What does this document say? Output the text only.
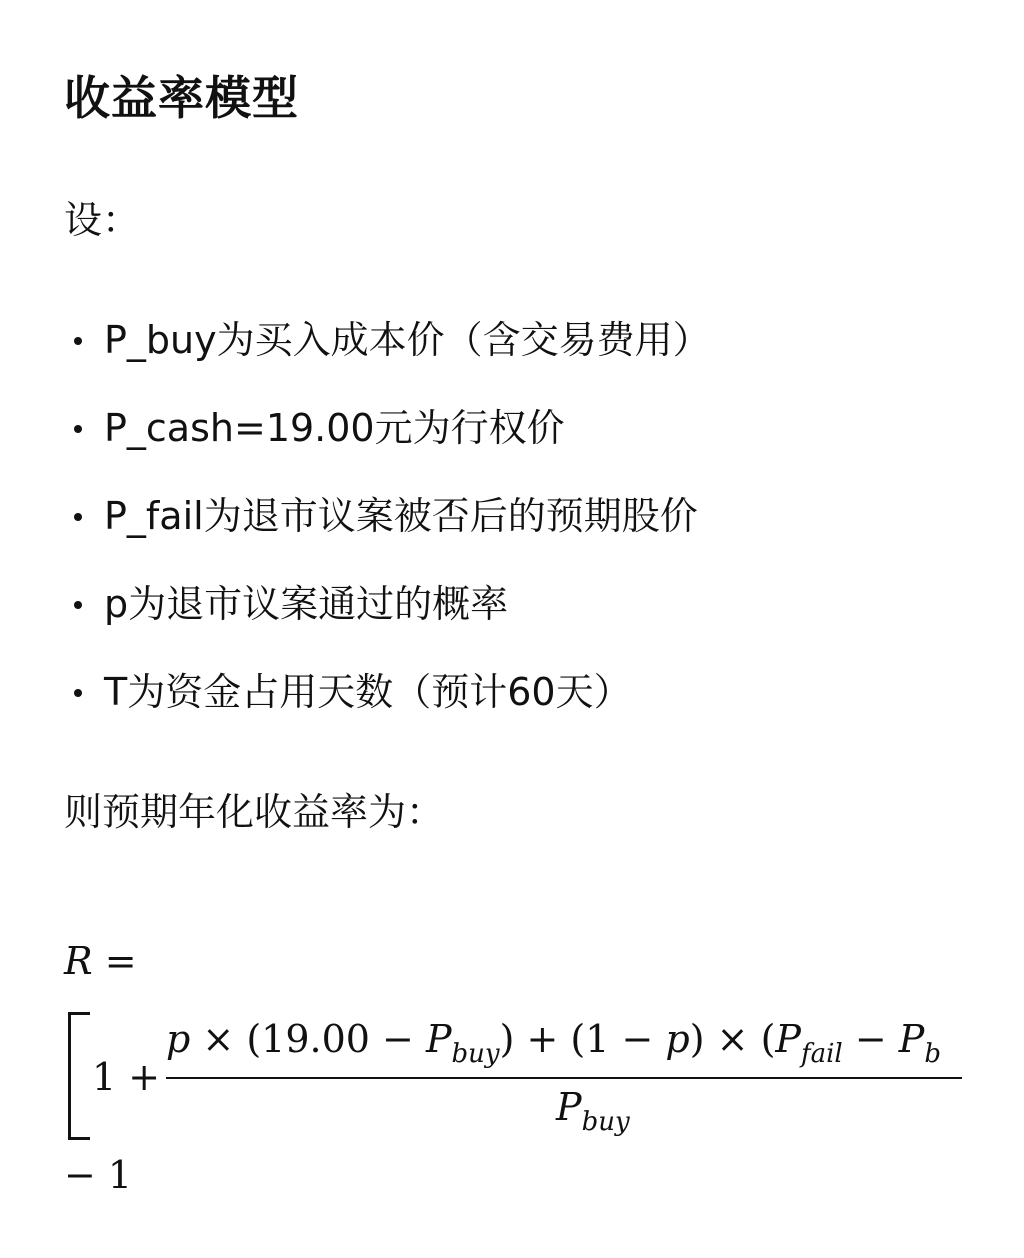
收益率模型

设：

P_buy为买入成本价（含交易费用）
P_cash=19.00元为行权价
P_fail为退市议案被否后的预期股价
p为退市议案通过的概率
T为资金占用天数（预计60天）

则预期年化收益率为：

R =
1 +
$p \times (19.00 - P_{buy}) + (1 - p) \times (P_{fail} - P_b$
$P_{buy}$
− 1
